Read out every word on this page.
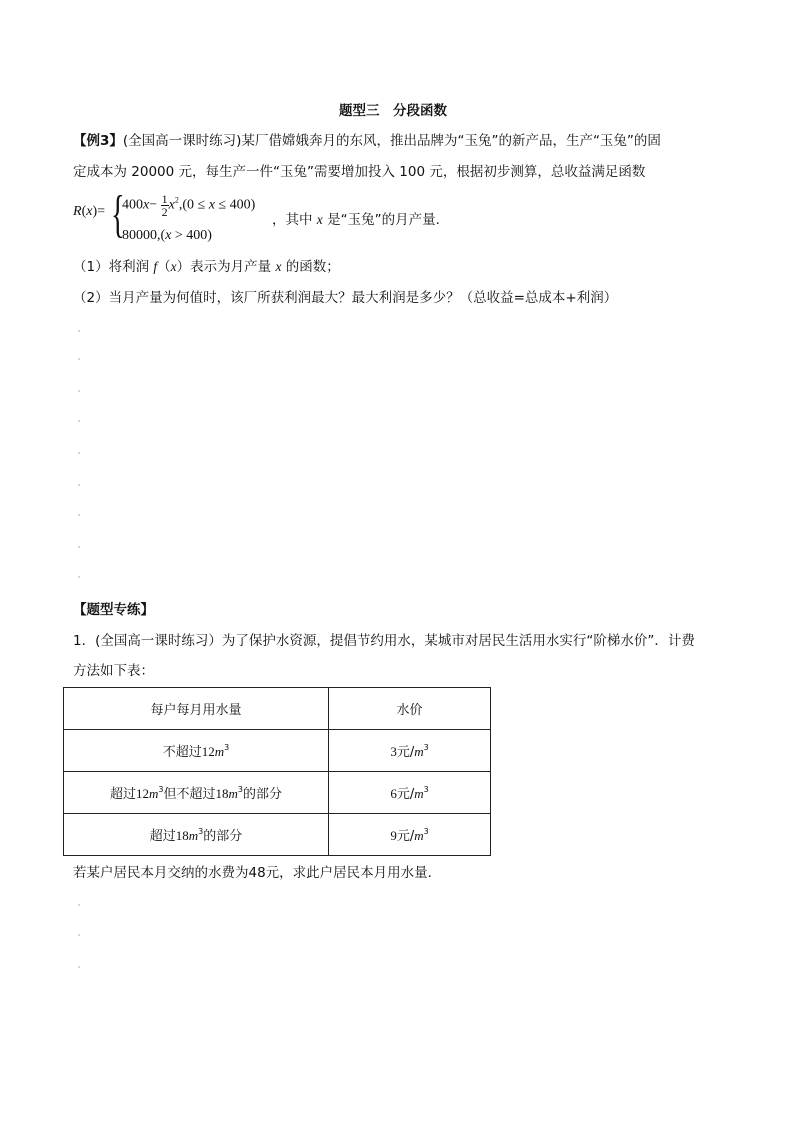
题型三　分段函数
【例3】(全国高一课时练习)某厂借嫦娥奔月的东风，推出品牌为“玉兔”的新产品，生产“玉兔”的固
定成本为 20000 元，每生产一件“玉兔”需要增加投入 100 元，根据初步测算，总收益满足函数
R(x)= {
$400x- \frac{1}{2} x^2,(0 \le x \le 400)$
80000,(x > 400)
，其中 x 是“玉兔”的月产量．
（1）将利润 f（x）表示为月产量 x 的函数；
（2）当月产量为何值时，该厂所获利润最大？最大利润是多少？（总收益=总成本+利润）
【题型专练】
1．(全国高一课时练习）为了保护水资源，提倡节约用水，某城市对居民生活用水实行“阶梯水价”．计费
方法如下表：
每户每月用水量	水价
不超过$12m^3$	3元$/m^3$
超过$12m^3$但不超过$18m^3$的部分	6元$/m^3$
超过$18m^3$的部分	9元$/m^3$
若某户居民本月交纳的水费为48元，求此户居民本月用水量．
